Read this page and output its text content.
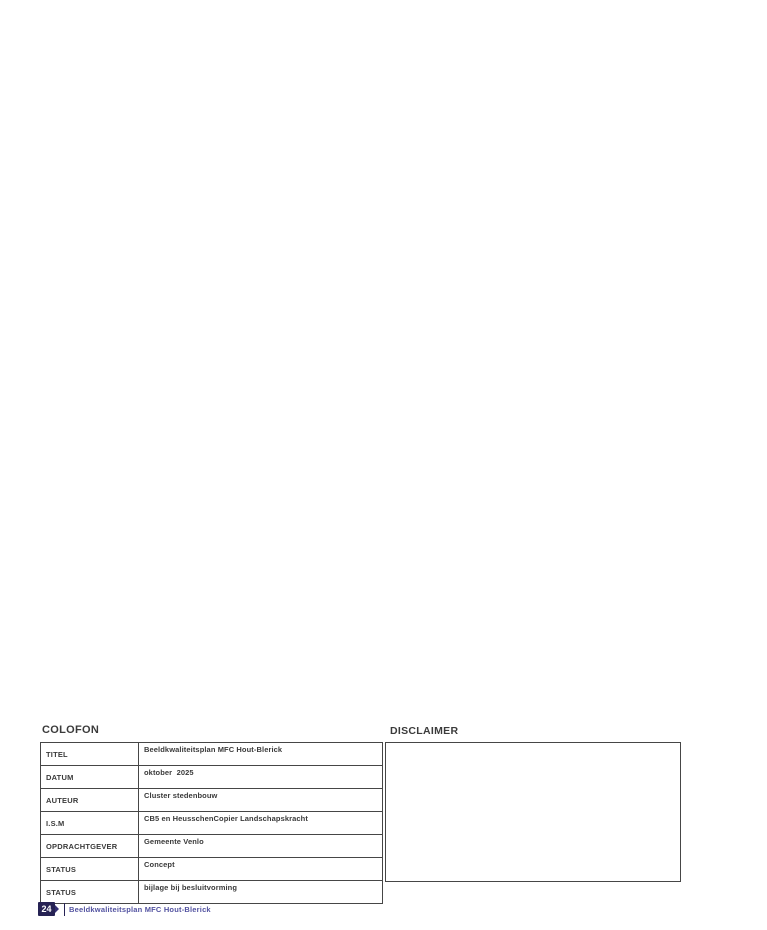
COLOFON
TITEL	Beeldkwaliteitsplan MFC Hout-Blerick
DATUM	oktober  2025
AUTEUR	Cluster stedenbouw
I.S.M	CB5 en HeusschenCopier Landschapskracht
OPDRACHTGEVER	Gemeente Venlo
STATUS	Concept
STATUS	bijlage bij besluitvorming
DISCLAIMER
24	Beeldkwaliteitsplan MFC Hout-Blerick
